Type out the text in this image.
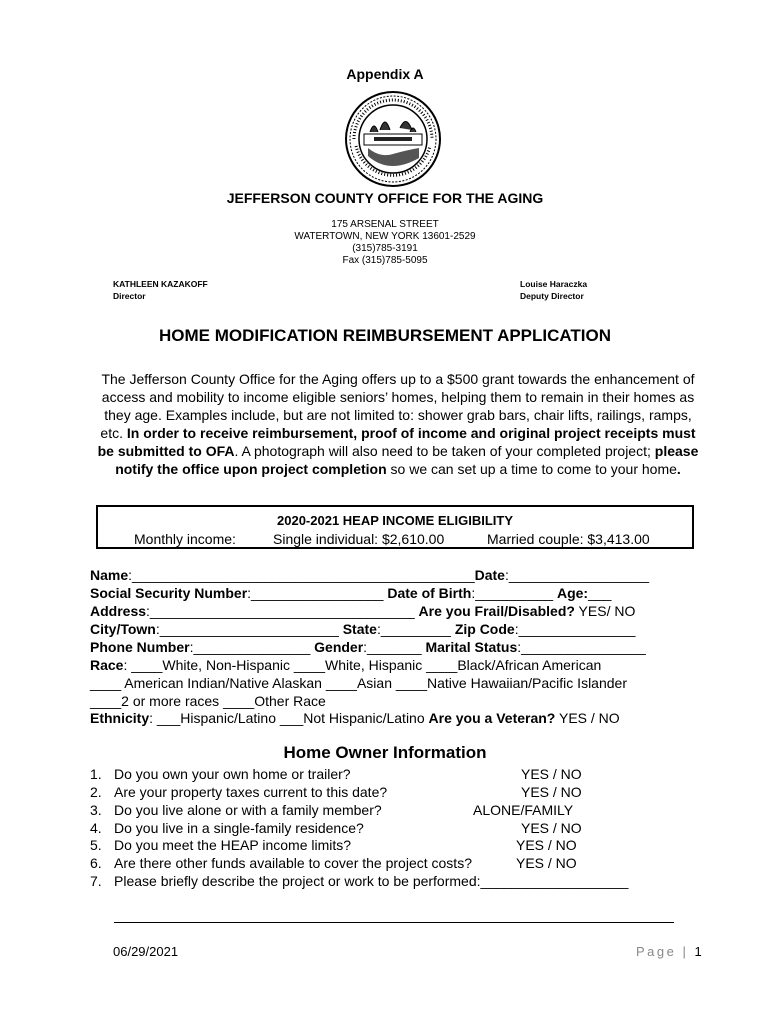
Appendix A
JEFFERSON COUNTY OFFICE FOR THE AGING
175 ARSENAL STREET
WATERTOWN, NEW YORK 13601-2529
(315)785-3191
Fax (315)785-5095
KATHLEEN KAZAKOFF
Director
Louise Haraczka
Deputy Director
HOME MODIFICATION REIMBURSEMENT APPLICATION
The Jefferson County Office for the Aging offers up to a $500 grant towards the enhancement of access and mobility to income eligible seniors’ homes, helping them to remain in their homes as they age. Examples include, but are not limited to: shower grab bars, chair lifts, railings, ramps, etc. In order to receive reimbursement, proof of income and original project receipts must be submitted to OFA. A photograph will also need to be taken of your completed project; please notify the office upon project completion so we can set up a time to come to your home.
2020-2021 HEAP INCOME ELIGIBILITY
Monthly income:	Single individual: $2,610.00	Married couple: $3,413.00
Name:____________________________________________Date:__________________
Social Security Number:_________________ Date of Birth:__________ Age:___
Address:__________________________________ Are you Frail/Disabled? YES/ NO
City/Town:_______________________ State:_________ Zip Code:_______________
Phone Number:_______________ Gender:_______ Marital Status:________________
Race: ____White, Non-Hispanic ____White, Hispanic ____Black/African American
____ American Indian/Native Alaskan ____Asian ____Native Hawaiian/Pacific Islander
____2 or more races ____Other Race
Ethnicity: ___Hispanic/Latino ___Not Hispanic/Latino Are you a Veteran? YES / NO
Home Owner Information
1. Do you own your own home or trailer?	YES / NO
2. Are your property taxes current to this date?	YES / NO
3. Do you live alone or with a family member?	ALONE/FAMILY
4. Do you live in a single-family residence?	YES / NO
5. Do you meet the HEAP income limits?	YES / NO
6. Are there other funds available to cover the project costs?	YES / NO
7. Please briefly describe the project or work to be performed:___________________
06/29/2021	Page | 1
